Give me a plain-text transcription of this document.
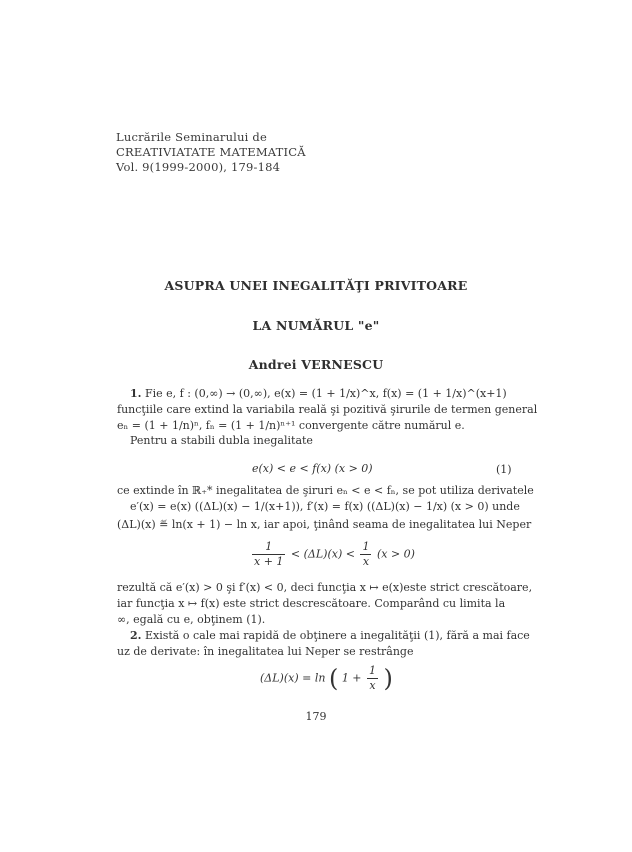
Lucrările Seminarului de
CREATIVIATATE MATEMATICĂ
Vol. 9(1999-2000), 179-184
ASUPRA UNEI INEGALITĂŢI PRIVITOARE
LA NUMĂRUL "e"
Andrei VERNESCU
1. Fie e, f : (0,∞) → (0,∞), e(x) = (1 + 1/x)^x, f(x) = (1 + 1/x)^(x+1)
funcţiile care extind la variabila reală şi pozitivă şirurile de termen general
eₙ = (1 + 1/n)ⁿ, fₙ = (1 + 1/n)ⁿ⁺¹ convergente către numărul e.
Pentru a stabili dubla inegalitate
e(x) < e < f(x) (x > 0)	(1)
ce extinde în ℝ₊* inegalitatea de şiruri eₙ < e < fₙ, se pot utiliza derivatele
e′(x) = e(x) ((ΔL)(x) − 1/(x+1)), f′(x) = f(x) ((ΔL)(x) − 1/x) (x > 0) unde
(ΔL)(x) ≝ ln(x + 1) − ln x, iar apoi, ţinând seama de inegalitatea lui Neper
$\frac{1}{x + 1} < (\Delta L)(x) < \frac{1}{x} (x > 0)$
rezultă că e′(x) > 0 şi f′(x) < 0, deci funcţia x ↦ e(x)este strict crescătoare,
iar funcţia x ↦ f(x) este strict descrescătoare. Comparând cu limita la
∞, egală cu e, obţinem (1).
2. Există o cale mai rapidă de obţinere a inegalităţii (1), fără a mai face
uz de derivate: în inegalitatea lui Neper se restrânge
(ΔL)(x) = ln ( $1 + \frac{1}{x}$ )
179
